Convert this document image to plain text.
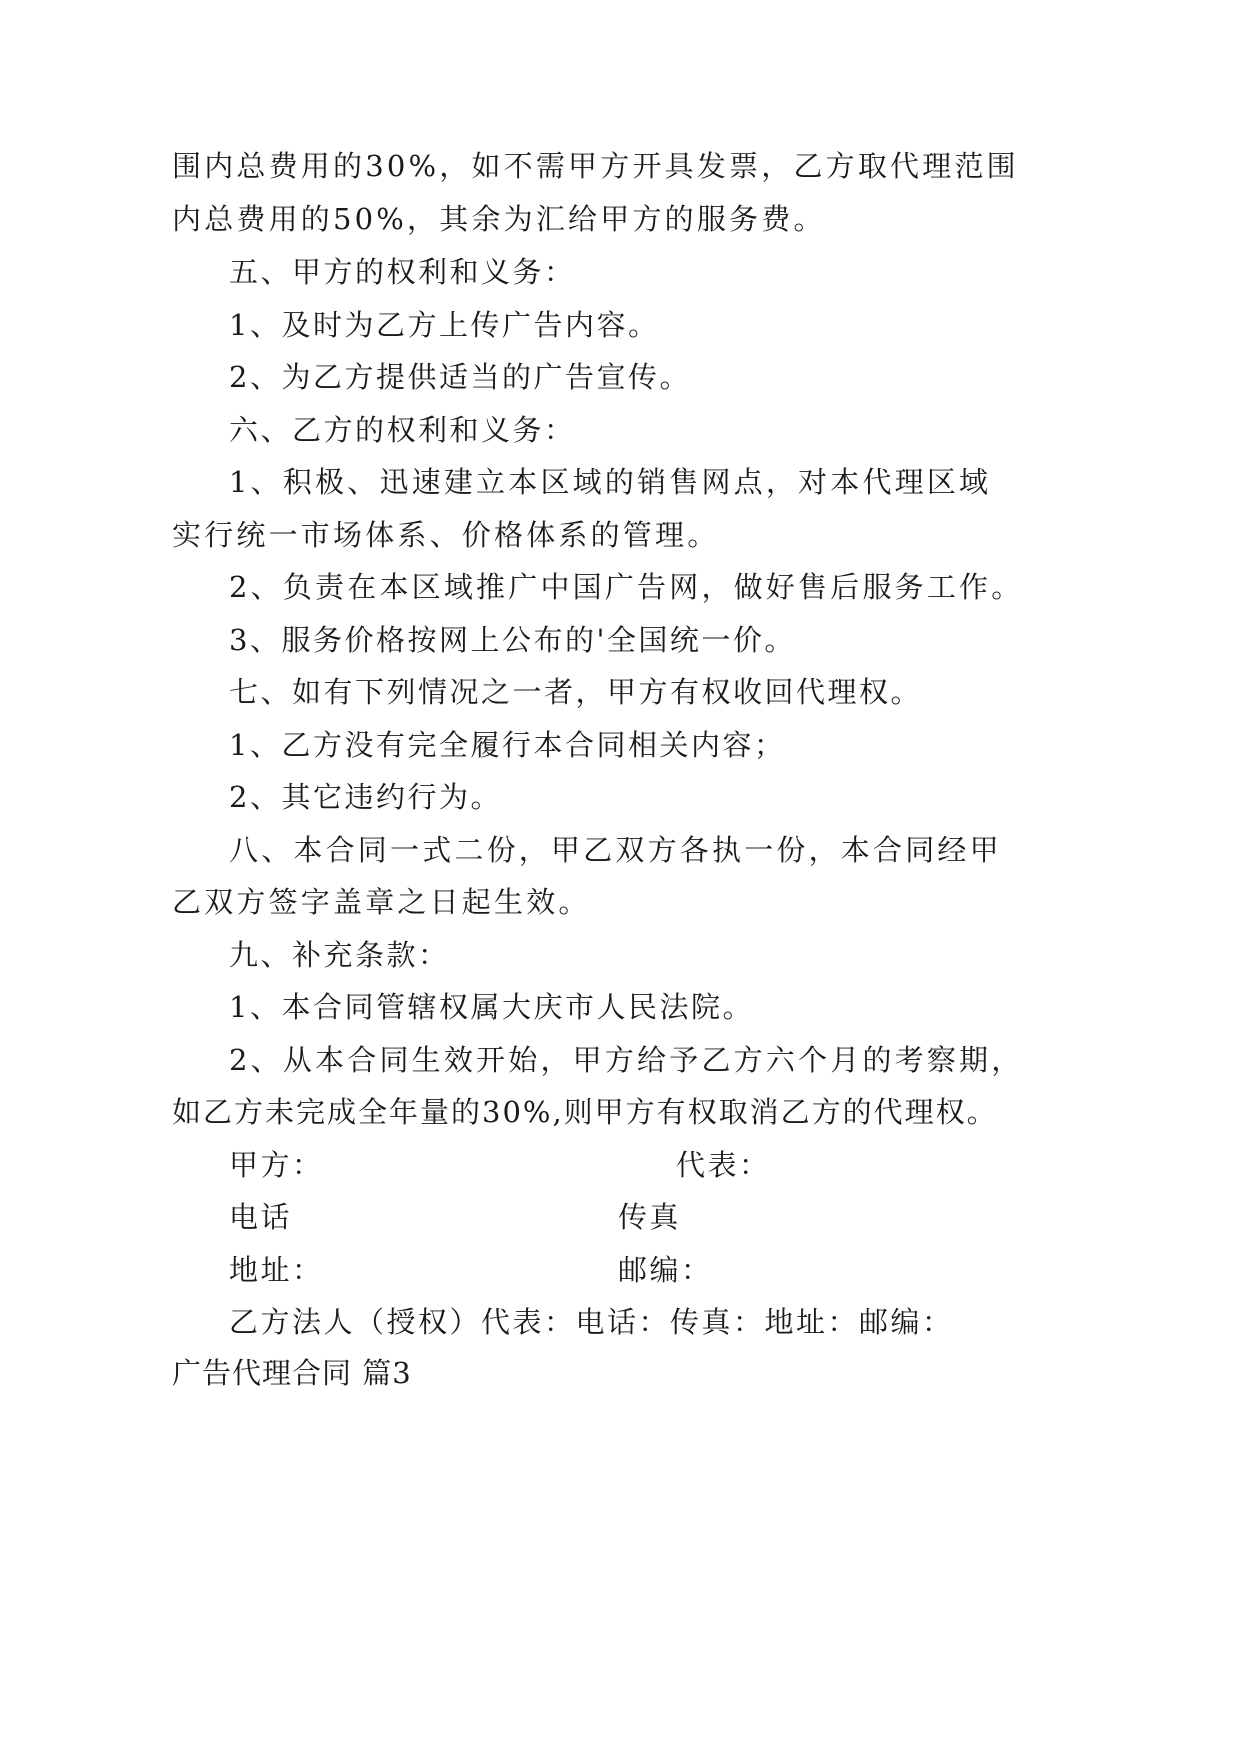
围内总费用的30%，如不需甲方开具发票，乙方取代理范围
内总费用的50%，其余为汇给甲方的服务费。
五、甲方的权利和义务：
1、及时为乙方上传广告内容。
2、为乙方提供适当的广告宣传。
六、乙方的权利和义务：
1、积极、迅速建立本区域的销售网点，对本代理区域
实行统一市场体系、价格体系的管理。
2、负责在本区域推广中国广告网，做好售后服务工作。
3、服务价格按网上公布的'全国统一价。
七、如有下列情况之一者，甲方有权收回代理权。
1、乙方没有完全履行本合同相关内容；
2、其它违约行为。
八、本合同一式二份，甲乙双方各执一份，本合同经甲
乙双方签字盖章之日起生效。
九、补充条款：
1、本合同管辖权属大庆市人民法院。
2、从本合同生效开始，甲方给予乙方六个月的考察期，
如乙方未完成全年量的30%,则甲方有权取消乙方的代理权。
甲方：	代表：
电话	传真
地址：	邮编：
乙方法人（授权）代表：电话：传真：地址：邮编：
广告代理合同 篇3
